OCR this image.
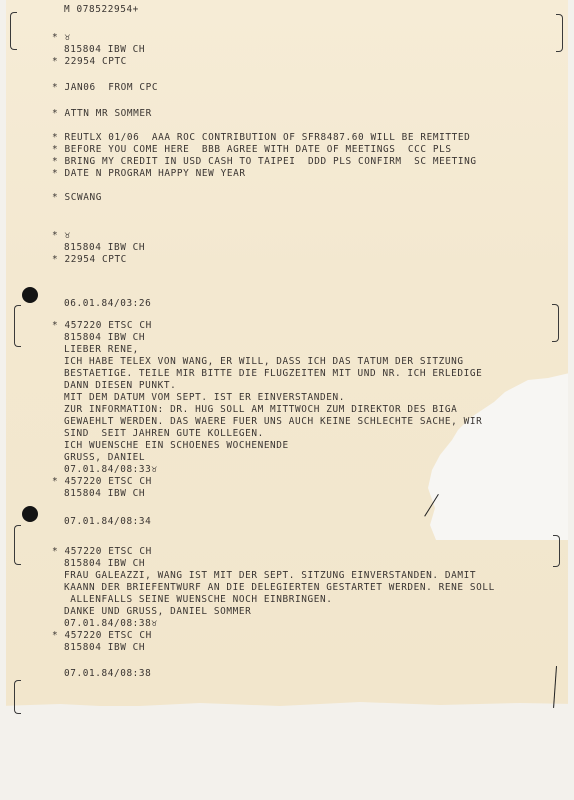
M 078522954+
* ♉
815804 IBW CH
* 22954 CPTC
* JAN06  FROM CPC
* ATTN MR SOMMER
* REUTLX 01/06  AAA ROC CONTRIBUTION OF SFR8487.60 WILL BE REMITTED
* BEFORE YOU COME HERE  BBB AGREE WITH DATE OF MEETINGS  CCC PLS
* BRING MY CREDIT IN USD CASH TO TAIPEI  DDD PLS CONFIRM  SC MEETING
* DATE N PROGRAM HAPPY NEW YEAR
* SCWANG
* ♉
815804 IBW CH
* 22954 CPTC
06.01.84/03:26
* 457220 ETSC CH
815804 IBW CH
LIEBER RENE,
ICH HABE TELEX VON WANG, ER WILL, DASS ICH DAS TATUM DER SITZUNG
BESTAETIGE. TEILE MIR BITTE DIE FLUGZEITEN MIT UND NR. ICH ERLEDIGE
DANN DIESEN PUNKT.
MIT DEM DATUM VOM SEPT. IST ER EINVERSTANDEN.
ZUR INFORMATION: DR. HUG SOLL AM MITTWOCH ZUM DIREKTOR DES BIGA
GEWAEHLT WERDEN. DAS WAERE FUER UNS AUCH KEINE SCHLECHTE SACHE, WIR
SIND  SEIT JAHREN GUTE KOLLEGEN.
ICH WUENSCHE EIN SCHOENES WOCHENENDE
GRUSS, DANIEL
07.01.84/08:33♉
* 457220 ETSC CH
815804 IBW CH
07.01.84/08:34
* 457220 ETSC CH
815804 IBW CH
FRAU GALEAZZI, WANG IST MIT DER SEPT. SITZUNG EINVERSTANDEN. DAMIT
KAANN DER BRIEFENTWURF AN DIE DELEGIERTEN GESTARTET WERDEN. RENE SOLL
ALLENFALLS SEINE WUENSCHE NOCH EINBRINGEN.
DANKE UND GRUSS, DANIEL SOMMER
07.01.84/08:38♉
* 457220 ETSC CH
815804 IBW CH
07.01.84/08:38
